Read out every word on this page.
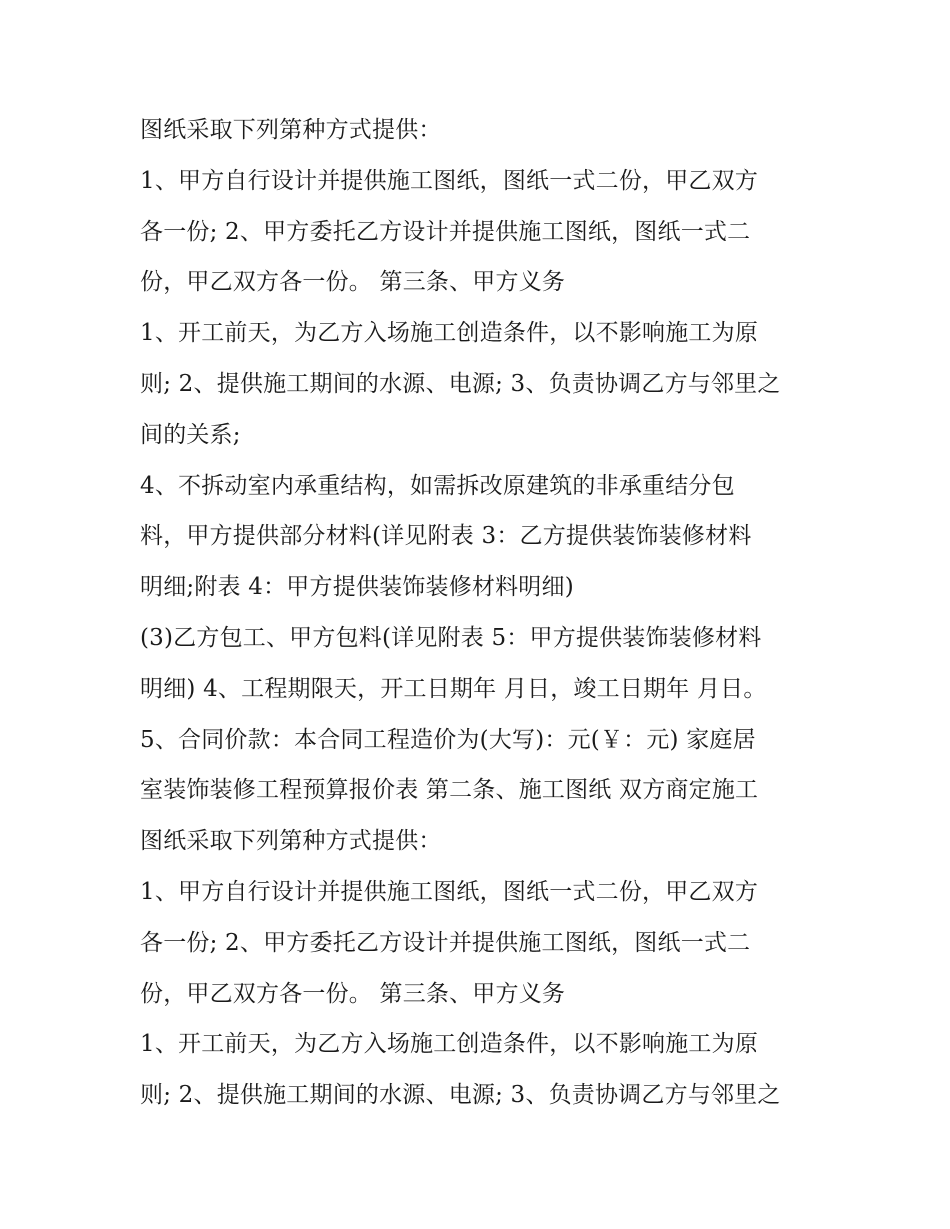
图纸采取下列第种方式提供：
1、甲方自行设计并提供施工图纸，图纸一式二份，甲乙双方
各一份; 2、甲方委托乙方设计并提供施工图纸，图纸一式二
份，甲乙双方各一份。 第三条、甲方义务
1、开工前天，为乙方入场施工创造条件，以不影响施工为原
则; 2、提供施工期间的水源、电源; 3、负责协调乙方与邻里之
间的关系;
4、不拆动室内承重结构，如需拆改原建筑的非承重结分包
料，甲方提供部分材料(详见附表 3：乙方提供装饰装修材料
明细;附表 4：甲方提供装饰装修材料明细)
(3)乙方包工、甲方包料(详见附表 5：甲方提供装饰装修材料
明细) 4、工程期限天，开工日期年 月日，竣工日期年 月日。
5、合同价款：本合同工程造价为(大写)：元(￥：元) 家庭居
室装饰装修工程预算报价表 第二条、施工图纸 双方商定施工
图纸采取下列第种方式提供：
1、甲方自行设计并提供施工图纸，图纸一式二份，甲乙双方
各一份; 2、甲方委托乙方设计并提供施工图纸，图纸一式二
份，甲乙双方各一份。 第三条、甲方义务
1、开工前天，为乙方入场施工创造条件，以不影响施工为原
则; 2、提供施工期间的水源、电源; 3、负责协调乙方与邻里之
